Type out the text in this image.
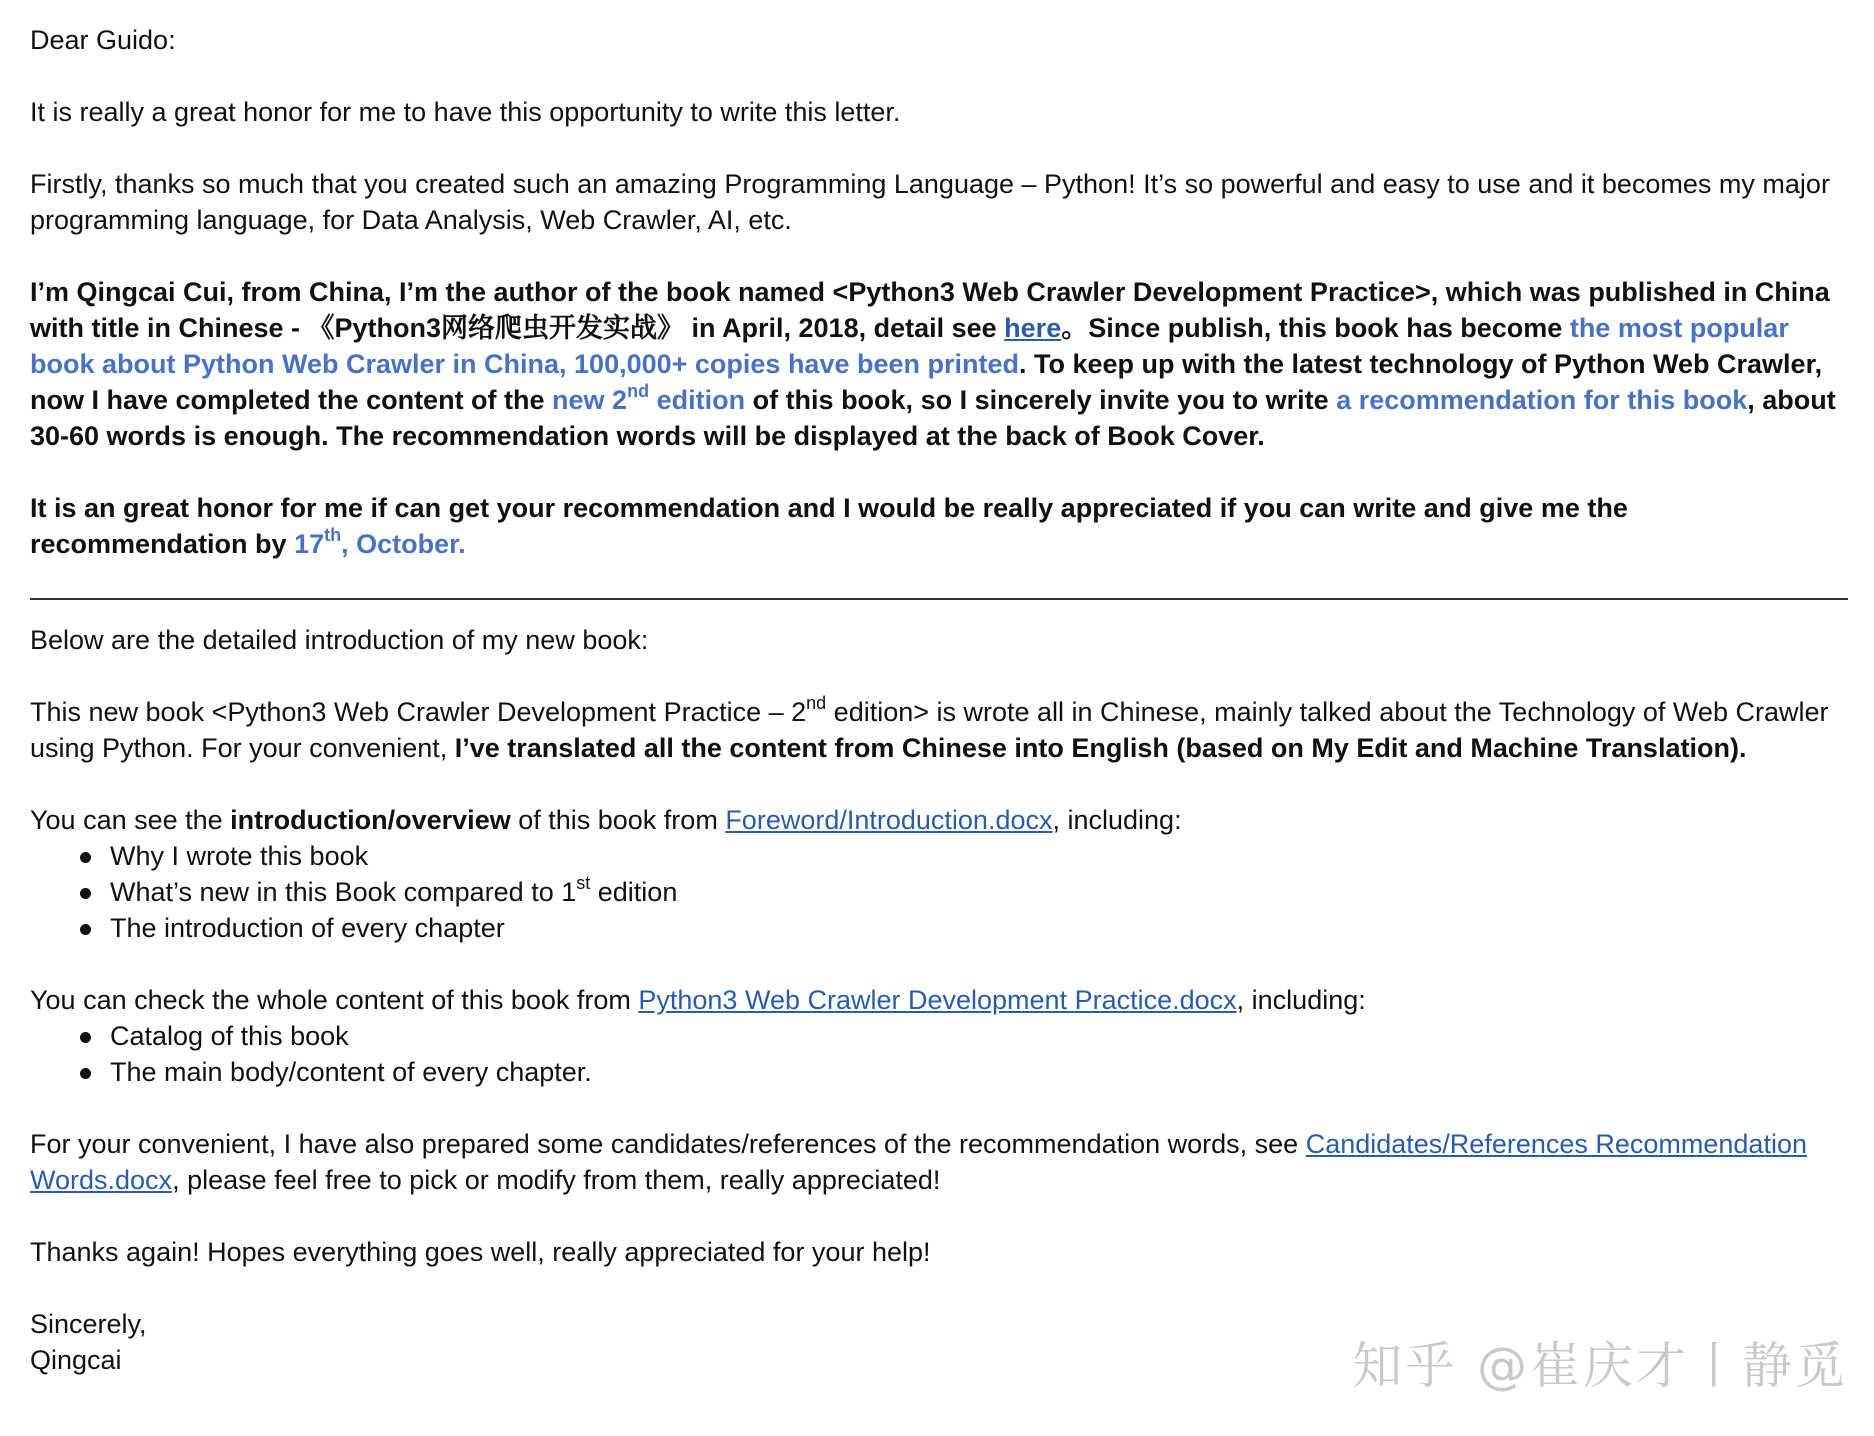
Dear Guido:

It is really a great honor for me to have this opportunity to write this letter.

Firstly, thanks so much that you created such an amazing Programming Language – Python! It’s so powerful and easy to use and it becomes my major programming language, for Data Analysis, Web Crawler, AI, etc.

I’m Qingcai Cui, from China, I’m the author of the book named <Python3 Web Crawler Development Practice>, which was published in China with title in Chinese - 《Python3网络爬虫开发实战》 in April, 2018, detail see here。Since publish, this book has become the most popular book about Python Web Crawler in China, 100,000+ copies have been printed. To keep up with the latest technology of Python Web Crawler, now I have completed the content of the new 2nd edition of this book, so I sincerely invite you to write a recommendation for this book, about 30-60 words is enough. The recommendation words will be displayed at the back of Book Cover.

It is an great honor for me if can get your recommendation and I would be really appreciated if you can write and give me the recommendation by 17th, October.

Below are the detailed introduction of my new book:

This new book <Python3 Web Crawler Development Practice – 2nd edition> is wrote all in Chinese, mainly talked about the Technology of Web Crawler using Python. For your convenient, I’ve translated all the content from Chinese into English (based on My Edit and Machine Translation).

You can see the introduction/overview of this book from Foreword/Introduction.docx, including:

Why I wrote this book
What’s new in this Book compared to 1st edition
The introduction of every chapter

You can check the whole content of this book from Python3 Web Crawler Development Practice.docx, including:

Catalog of this book
The main body/content of every chapter.

For your convenient, I have also prepared some candidates/references of the recommendation words, see Candidates/References Recommendation Words.docx, please feel free to pick or modify from them, really appreciated!

Thanks again! Hopes everything goes well, really appreciated for your help!

Sincerely,

Qingcai	知乎 @崔庆才丨静觅
